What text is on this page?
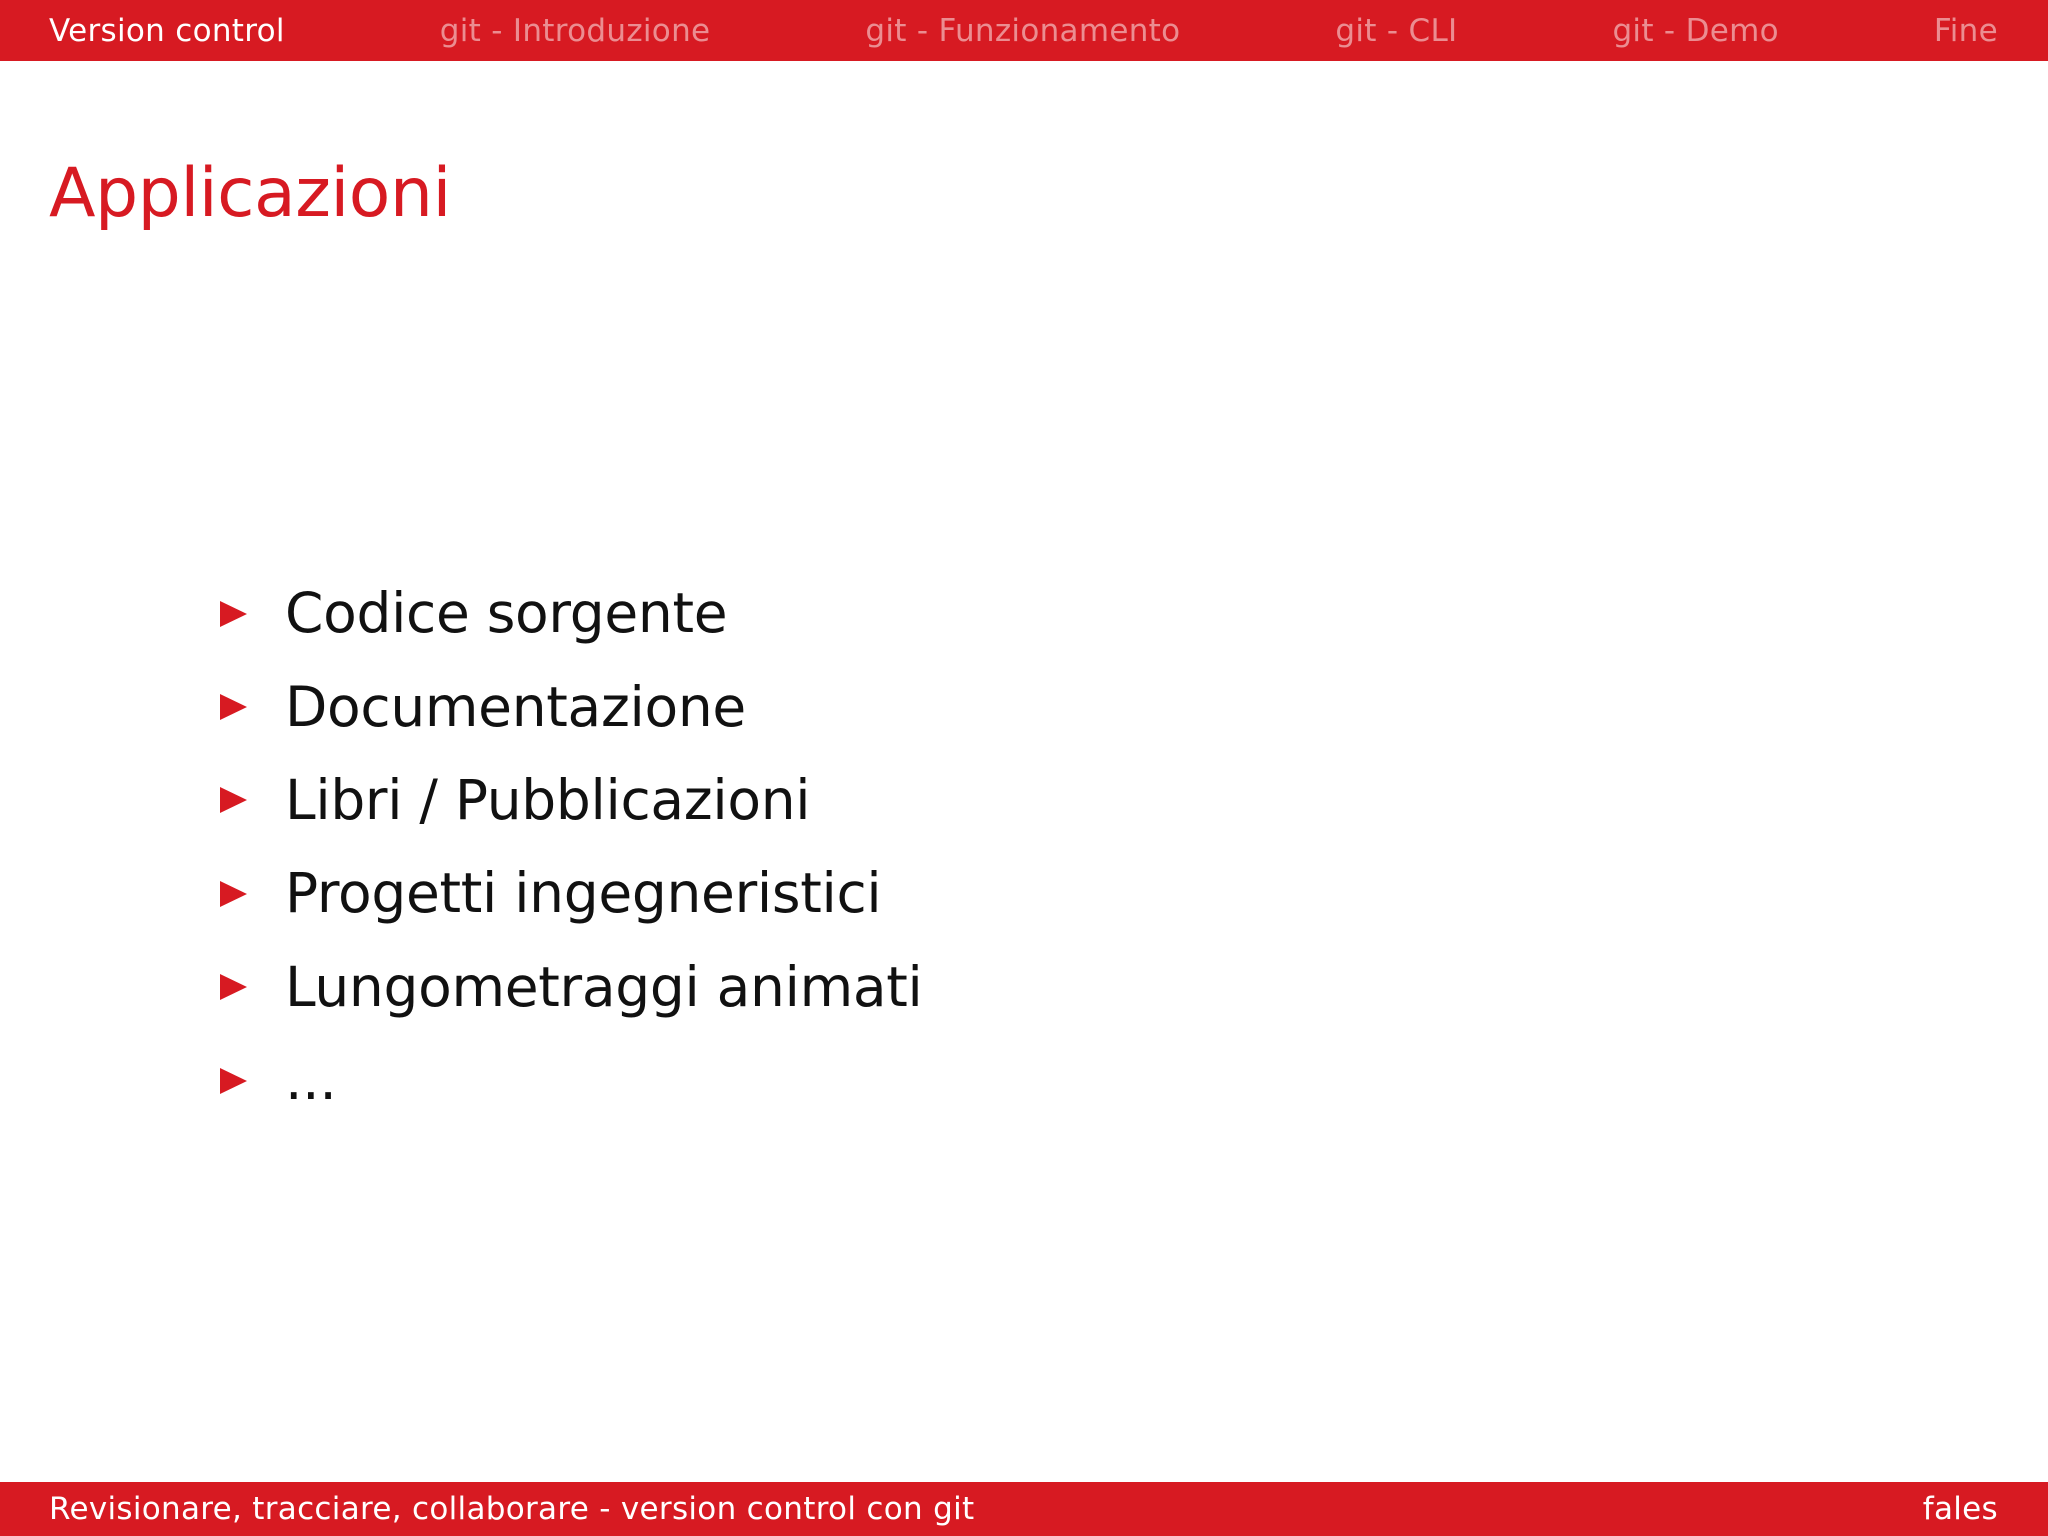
Version control	git - Introduzione	git - Funzionamento	git - CLI	git - Demo	Fine
Applicazioni
Codice sorgente
Documentazione
Libri / Pubblicazioni
Progetti ingegneristici
Lungometraggi animati
...
Revisionare, tracciare, collaborare - version control con git	fales
